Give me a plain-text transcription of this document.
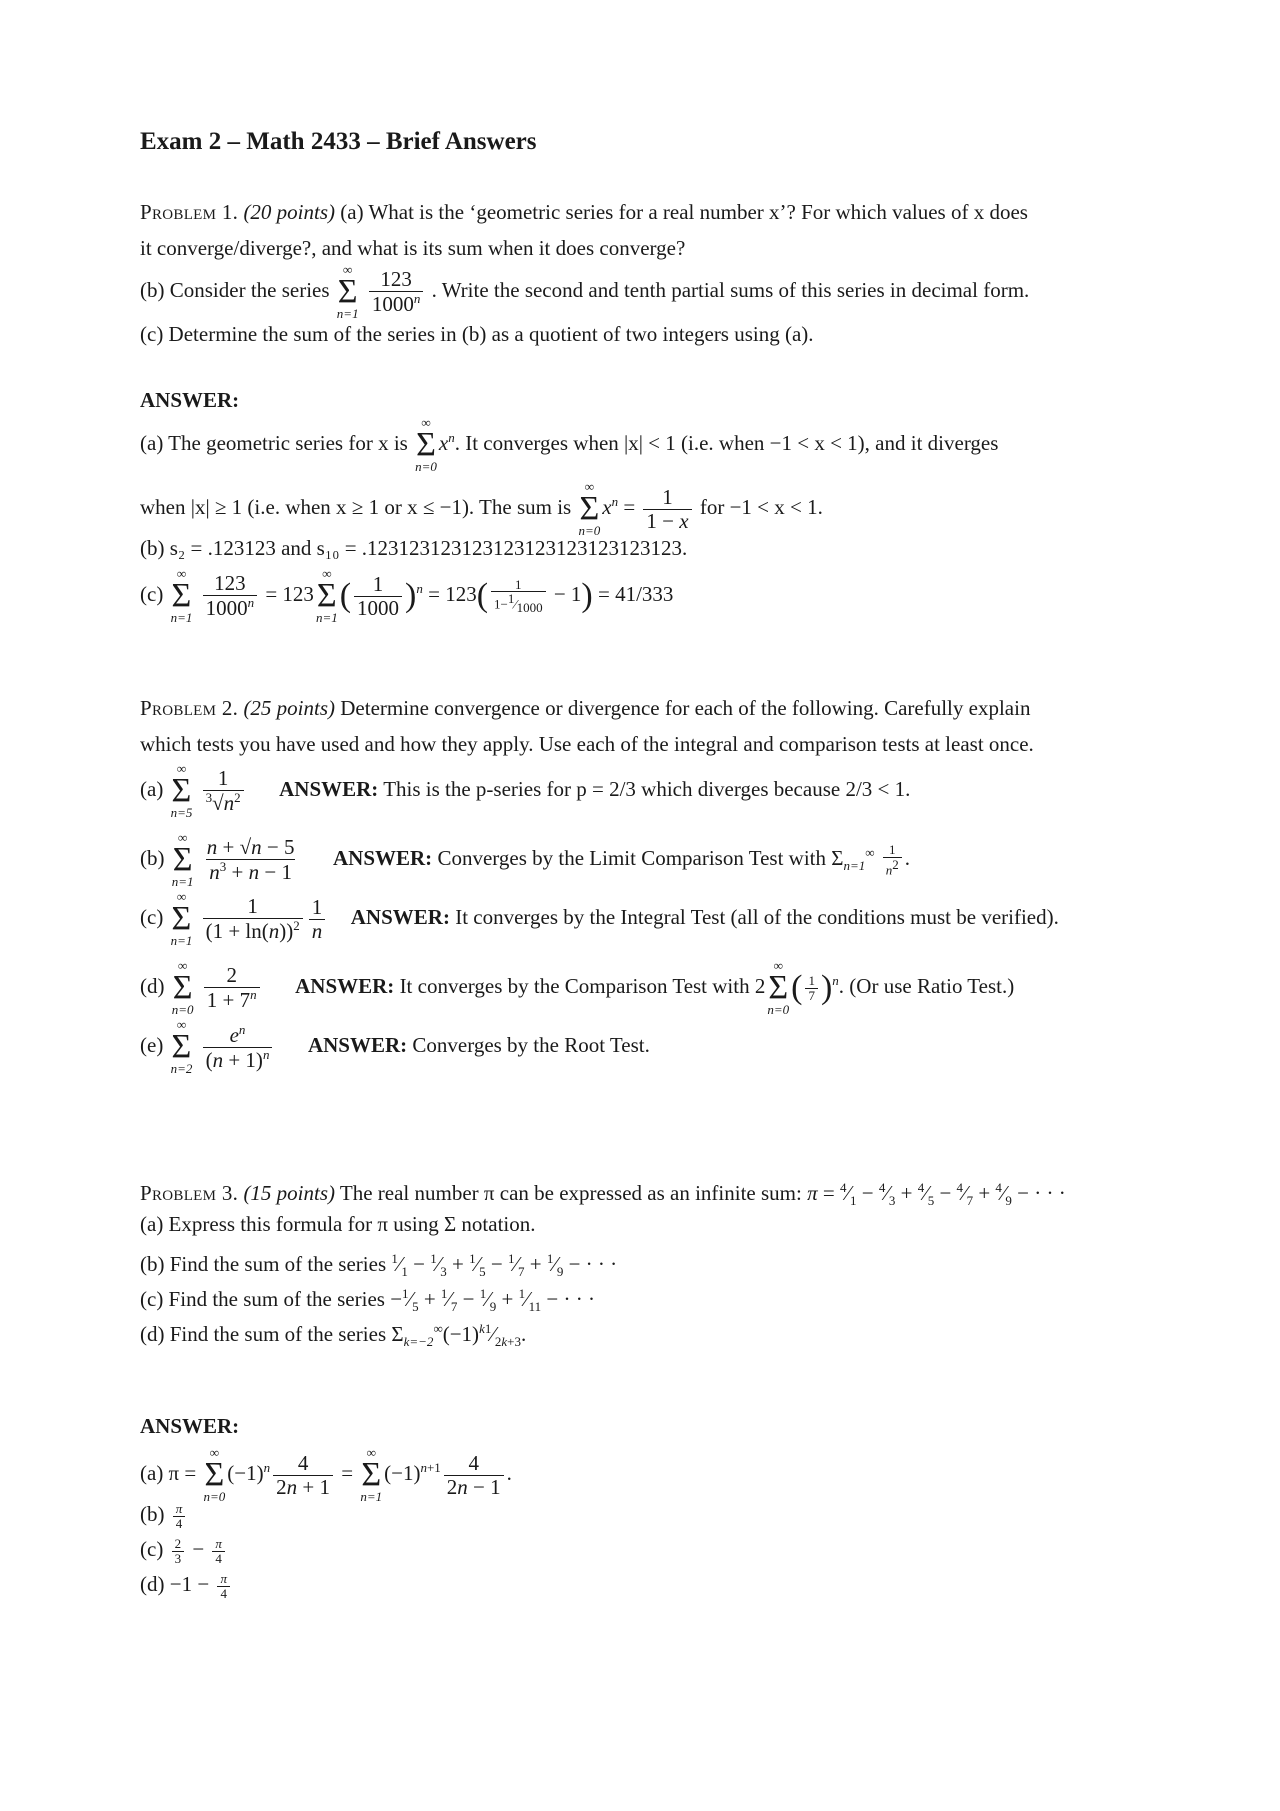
Exam 2 – Math 2433 – Brief Answers
Problem 1. (20 points) (a) What is the ‘geometric series for a real number x’? For which values of x does
it converge/diverge?, and what is its sum when it does converge?
(b) Consider the series
∞
Σ
n=1
$\frac{123}{1000^n}$ . Write the second and tenth partial sums of this series in decimal form.
(c) Determine the sum of the series in (b) as a quotient of two integers using (a).
ANSWER:
(a) The geometric series for x is
∞
Σ
n=0
$x^n$. It converges when |x| < 1 (i.e. when −1 < x < 1), and it diverges
when |x| ≥ 1 (i.e. when x ≥ 1 or x ≤ −1). The sum is
∞
Σ
n=0
$x^n = \frac{1}{1 - x}$ for −1 < x < 1.
(b) s₂ = .123123 and s₁₀ = .123123123123123123123123123123.
(c)
∞
Σ
n=1
$\frac{123}{1000^n} = 123$
∞
Σ
n=1
( $\frac{1}{1000} )^n = 123( \frac{1}{1-^1⁄_{1000}} - 1) = 41/333$
Problem 2. (25 points) Determine convergence or divergence for each of the following. Carefully explain
which tests you have used and how they apply. Use each of the integral and comparison tests at least once.
(a)
∞
Σ
n=5
$\frac{1}{^3√n^2}$ ANSWER: This is the p-series for p = 2/3 which diverges because 2/3 < 1.
(b)
∞
Σ
n=1
$\frac{n + √n - 5}{n^3 + n - 1}$ ANSWER: Converges by the Limit Comparison Test with $\Sigma_{n=1}^\infty \frac{1}{n^2}$ .
(c)
∞
Σ
n=1
$\frac{1}{(1 + \ln(n))^2} \frac{1}{n}$ ANSWER: It converges by the Integral Test (all of the conditions must be verified).
(d)
∞
Σ
n=0
$\frac{2}{1 + 7^n}$ ANSWER: It converges by the Comparison Test with 2
∞
Σ
n=0
( $\frac{1}{7} )^n$. (Or use Ratio Test.)
(e)
∞
Σ
n=2
$\frac{e^n}{(n + 1)^n}$ ANSWER: Converges by the Root Test.
Problem 3. (15 points) The real number π can be expressed as an infinite sum: $\pi = ^4⁄_1$ − $^4⁄_3$ + $^4⁄_5$ − $^4⁄_7$ + $^4⁄_9$ − · · ·
(a) Express this formula for π using Σ notation.
(b) Find the sum of the series $^1⁄_1$ − $^1⁄_3$ + $^1⁄_5$ − $^1⁄_7$ + $^1⁄_9$ − · · ·
(c) Find the sum of the series $-^1⁄_5$ + $^1⁄_7$ − $^1⁄_9$ + $^1⁄_{11}$ − · · ·
(d) Find the sum of the series $\Sigma_{k=-2}^\infty(-1)^{k1}⁄_{2k+3}$.
ANSWER:
(a) π =
∞
Σ
n=0
$(-1)^n \frac{4}{2n + 1}$ =
∞
Σ
n=1
$(-1)^{n+1} \frac{4}{2n - 1}$ .
$(b) \frac{\pi}{4}$
$(c) \frac{2}{3} - \frac{\pi}{4}$
$(d) -1 - \frac{\pi}{4}$
